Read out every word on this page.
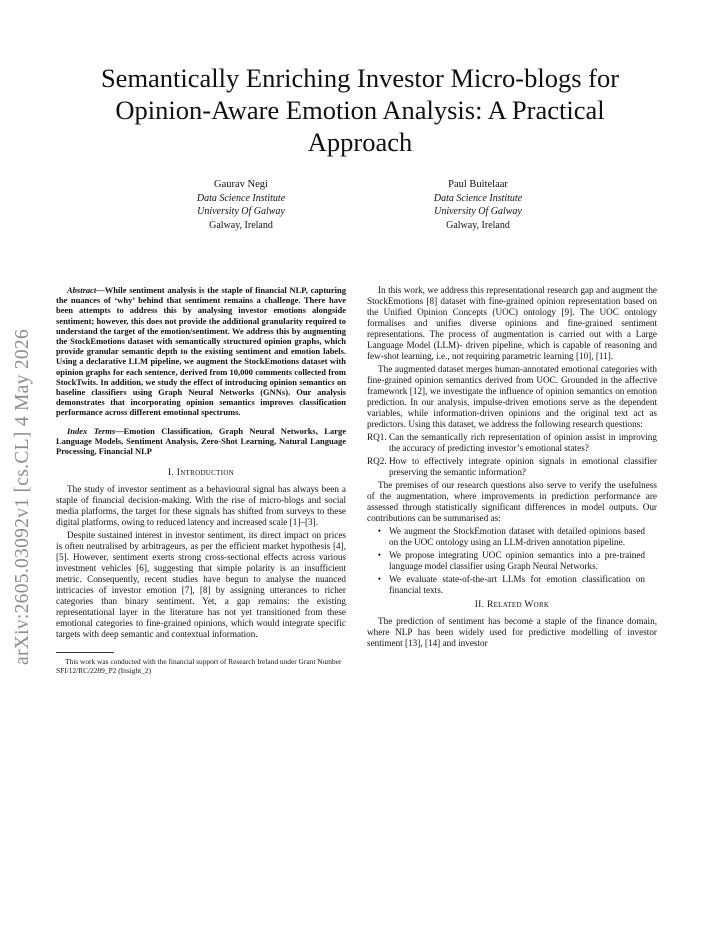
Semantically Enriching Investor Micro-blogs for
Opinion-Aware Emotion Analysis: A Practical
Approach
Gaurav Negi
Data Science Institute
University Of Galway
Galway, Ireland
Paul Buitelaar
Data Science Institute
University Of Galway
Galway, Ireland
arXiv:2605.03092v1 [cs.CL] 4 May 2026
Abstract—While sentiment analysis is the staple of financial NLP, capturing the nuances of ‘why’ behind that sentiment remains a challenge. There have been attempts to address this by analysing investor emotions alongside sentiment; however, this does not provide the additional granularity required to understand the target of the emotion/sentiment. We address this by augmenting the StockEmotions dataset with semantically structured opinion graphs, which provide granular semantic depth to the existing sentiment and emotion labels. Using a declarative LLM pipeline, we augment the StockEmotions dataset with opinion graphs for each sentence, derived from 10,000 comments collected from StockTwits. In addition, we study the effect of introducing opinion semantics on baseline classifiers using Graph Neural Networks (GNNs). Our analysis demonstrates that incorporating opinion semantics improves classification performance across different emotional spectrums.
Index Terms—Emotion Classification, Graph Neural Networks, Large Language Models, Sentiment Analysis, Zero-Shot Learning, Natural Language Processing, Financial NLP
I. Introduction

The study of investor sentiment as a behavioural signal has always been a staple of financial decision-making. With the rise of micro-blogs and social media platforms, the target for these signals has shifted from surveys to these digital platforms, owing to reduced latency and increased scale [1]–[3].

Despite sustained interest in investor sentiment, its direct impact on prices is often neutralised by arbitrageurs, as per the efficient market hypothesis [4], [5]. However, sentiment exerts strong cross-sectional effects across various investment vehicles [6], suggesting that simple polarity is an insufficient metric. Consequently, recent studies have begun to analyse the nuanced intricacies of investor emotion [7], [8] by assigning utterances to richer categories than binary sentiment. Yet, a gap remains: the existing representational layer in the literature has not yet transitioned from these emotional categories to fine-grained opinions, which would integrate specific targets with deep semantic and contextual information.

This work was conducted with the financial support of Research Ireland under Grant Number SFI/12/RC/2289_P2 (Insight_2)

In this work, we address this representational research gap and augment the StockEmotions [8] dataset with fine-grained opinion representation based on the Unified Opinion Concepts (UOC) ontology [9]. The UOC ontology formalises and unifies diverse opinions and fine-grained sentiment representations. The process of augmentation is carried out with a Large Language Model (LLM)- driven pipeline, which is capable of reasoning and few-shot learning, i.e., not requiring parametric learning [10], [11].

The augmented dataset merges human-annotated emotional categories with fine-grained opinion semantics derived from UOC. Grounded in the affective framework [12], we investigate the influence of opinion semantics on emotion prediction. In our analysis, impulse-driven emotions serve as the dependent variables, while information-driven opinions and the original text act as predictors. Using this dataset, we address the following research questions:

RQ1. Can the semantically rich representation of opinion assist in improving the accuracy of predicting investor’s emotional states?
RQ2. How to effectively integrate opinion signals in emotional classifier preserving the semantic information?

The premises of our research questions also serve to verify the usefulness of the augmentation, where improvements in prediction performance are assessed through statistically significant differences in model outputs. Our contributions can be summarised as:

• We augment the StockEmotion dataset with detailed opinions based on the UOC ontology using an LLM-driven annotation pipeline.
• We propose integrating UOC opinion semantics into a pre-trained language model classifier using Graph Neural Networks.
• We evaluate state-of-the-art LLMs for emotion classification on financial texts.
II. Related Work

The prediction of sentiment has become a staple of the finance domain, where NLP has been widely used for predictive modelling of investor sentiment [13], [14] and investor
